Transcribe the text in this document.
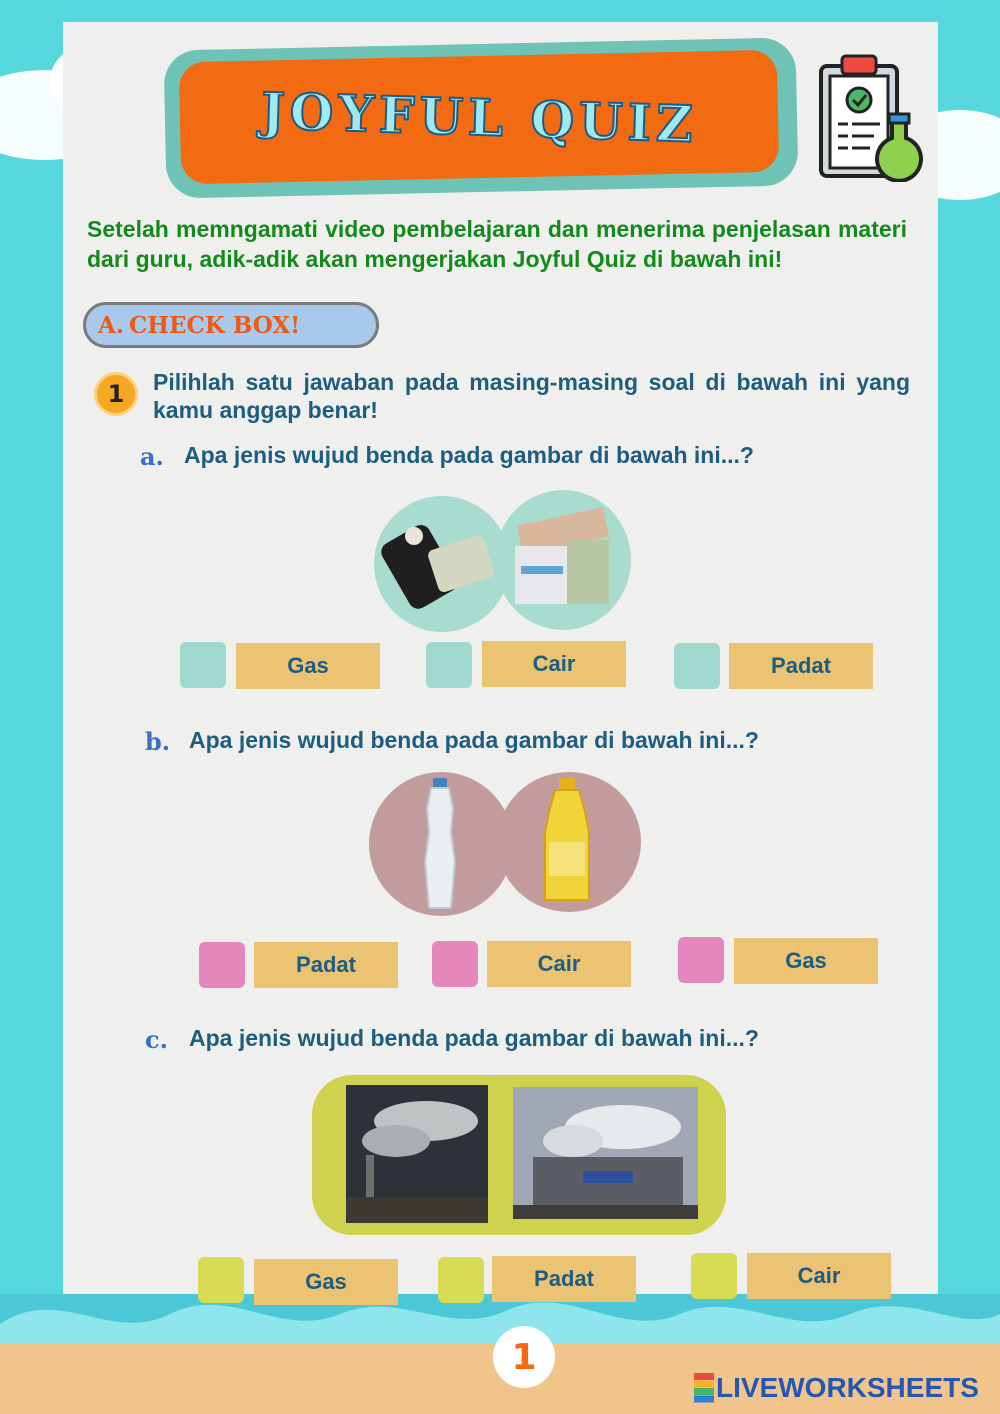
JOYFUL QUIZ
Setelah memngamati video pembelajaran dan menerima penjelasan materi dari guru, adik-adik akan mengerjakan Joyful Quiz di bawah ini!
A.
CHECK BOX!
1	Pilihlah satu jawaban pada masing-masing soal di bawah ini yang kamu anggap benar!
a. Apa jenis wujud benda pada gambar di bawah ini...?
Gas	Cair	Padat
b. Apa jenis wujud benda pada gambar di bawah ini...?
Padat	Cair	Gas
c. Apa jenis wujud benda pada gambar di bawah ini...?
Gas	Padat	Cair
1
LIVEWORKSHEETS
